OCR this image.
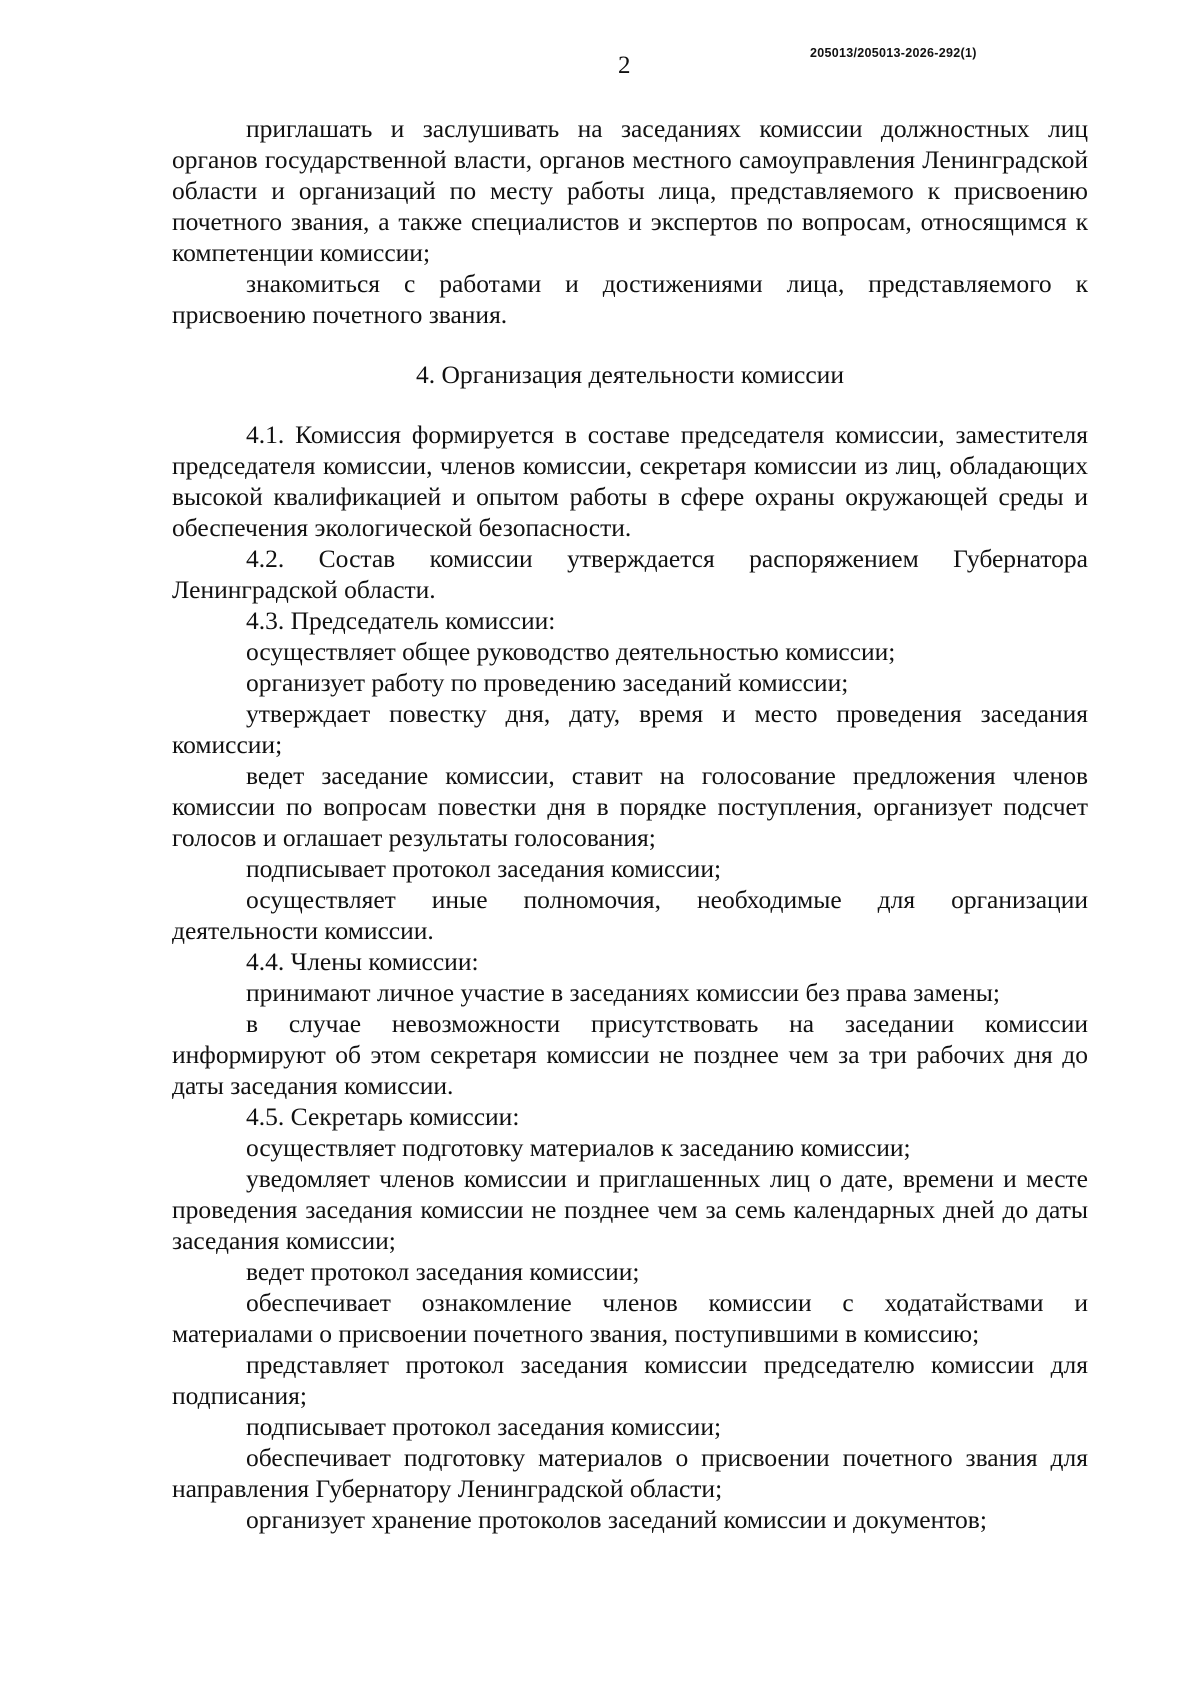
2	205013/205013-2026-292(1)

приглашать и заслушивать на заседаниях комиссии должностных лиц органов государственной власти, органов местного самоуправления Ленинградской области и организаций по месту работы лица, представляемого к присвоению почетного звания, а также специалистов и экспертов по вопросам, относящимся к компетенции комиссии;

знакомиться с работами и достижениями лица, представляемого к присвоению почетного звания.

4. Организация деятельности комиссии

4.1. Комиссия формируется в составе председателя комиссии, заместителя председателя комиссии, членов комиссии, секретаря комиссии из лиц, обладающих высокой квалификацией и опытом работы в сфере охраны окружающей среды и обеспечения экологической безопасности.

4.2. Состав комиссии утверждается распоряжением Губернатора Ленинградской области.

4.3. Председатель комиссии:

осуществляет общее руководство деятельностью комиссии;

организует работу по проведению заседаний комиссии;

утверждает повестку дня, дату, время и место проведения заседания комиссии;

ведет заседание комиссии, ставит на голосование предложения членов комиссии по вопросам повестки дня в порядке поступления, организует подсчет голосов и оглашает результаты голосования;

подписывает протокол заседания комиссии;

осуществляет иные полномочия, необходимые для организации деятельности комиссии.

4.4. Члены комиссии:

принимают личное участие в заседаниях комиссии без права замены;

в случае невозможности присутствовать на заседании комиссии информируют об этом секретаря комиссии не позднее чем за три рабочих дня до даты заседания комиссии.

4.5. Секретарь комиссии:

осуществляет подготовку материалов к заседанию комиссии;

уведомляет членов комиссии и приглашенных лиц о дате, времени и месте проведения заседания комиссии не позднее чем за семь календарных дней до даты заседания комиссии;

ведет протокол заседания комиссии;

обеспечивает ознакомление членов комиссии с ходатайствами и материалами о присвоении почетного звания, поступившими в комиссию;

представляет протокол заседания комиссии председателю комиссии для подписания;

подписывает протокол заседания комиссии;

обеспечивает подготовку материалов о присвоении почетного звания для направления Губернатору Ленинградской области;

организует хранение протоколов заседаний комиссии и документов;
